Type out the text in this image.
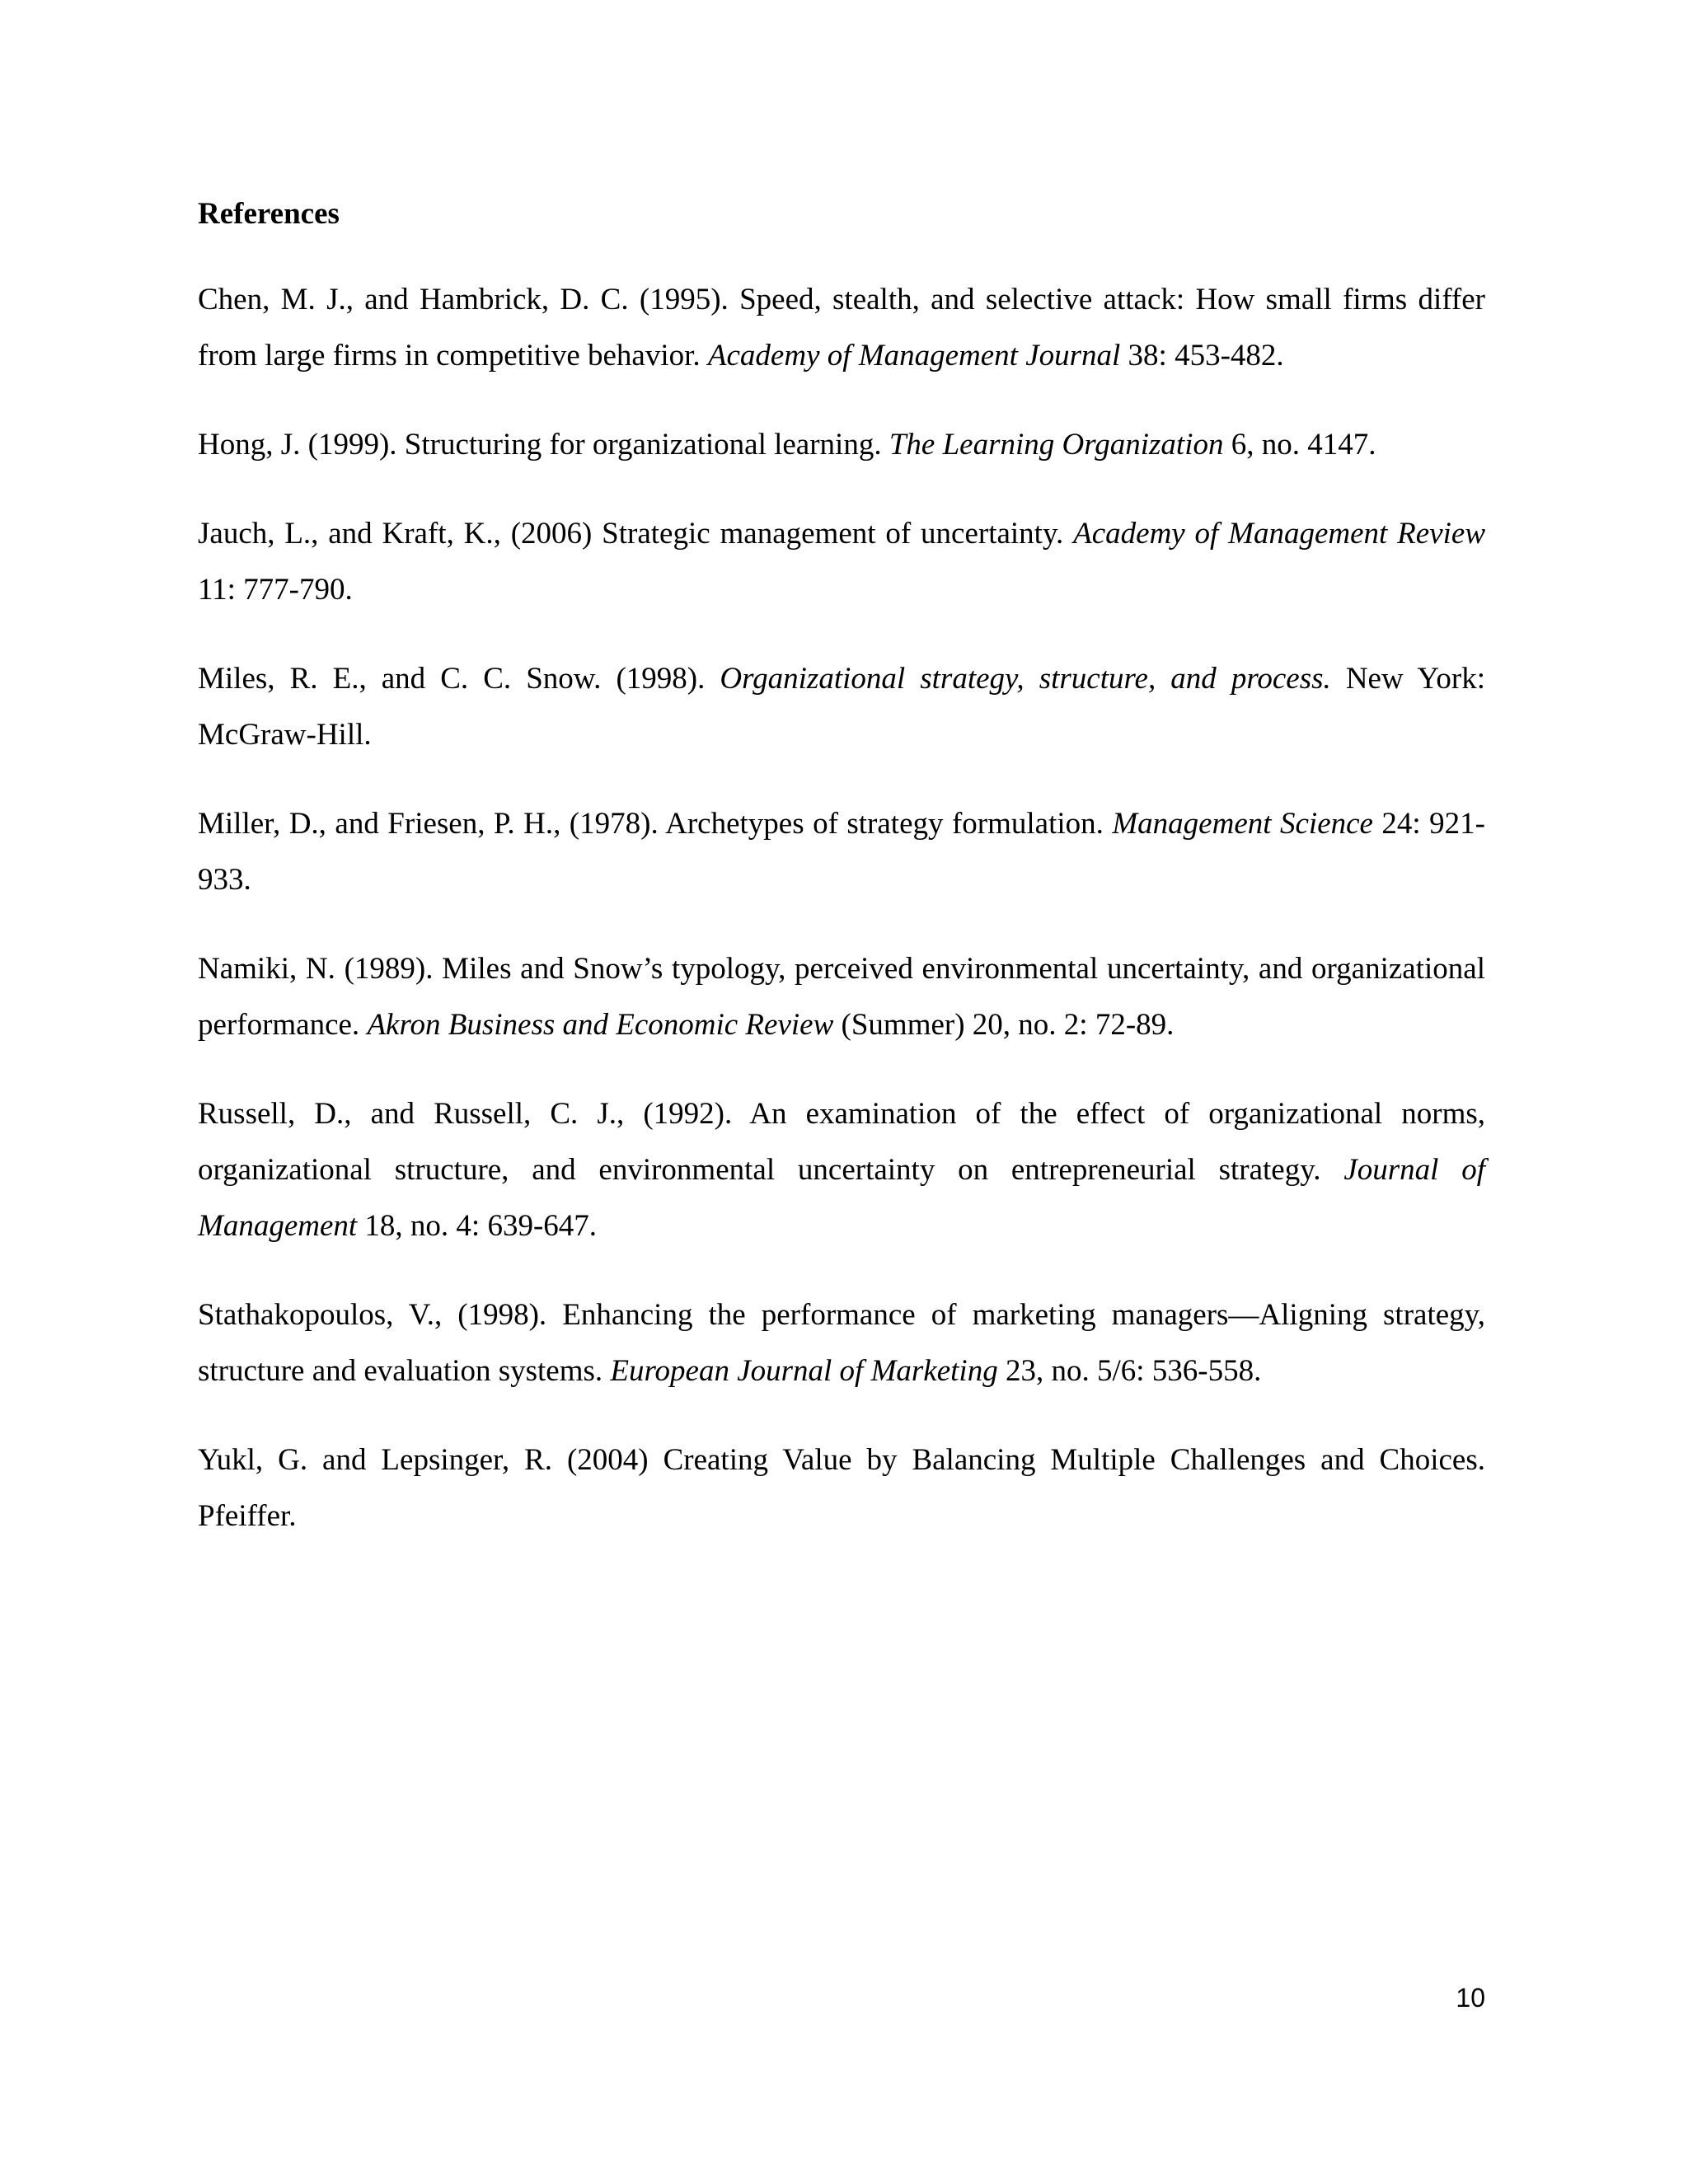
References

Chen, M. J., and Hambrick, D. C. (1995). Speed, stealth, and selective attack: How small firms differ from large firms in competitive behavior. Academy of Management Journal 38: 453-482.

Hong, J. (1999). Structuring for organizational learning. The Learning Organization 6, no. 4147.

Jauch, L., and Kraft, K., (2006) Strategic management of uncertainty. Academy of Management Review 11: 777-790.

Miles, R. E., and C. C. Snow. (1998). Organizational strategy, structure, and process. New York: McGraw-Hill.

Miller, D., and Friesen, P. H., (1978). Archetypes of strategy formulation. Management Science 24: 921-933.

Namiki, N. (1989). Miles and Snow’s typology, perceived environmental uncertainty, and organizational performance. Akron Business and Economic Review (Summer) 20, no. 2: 72-89.

Russell, D., and Russell, C. J., (1992). An examination of the effect of organizational norms, organizational structure, and environmental uncertainty on entrepreneurial strategy. Journal of Management 18, no. 4: 639-647.

Stathakopoulos, V., (1998). Enhancing the performance of marketing managers—Aligning strategy, structure and evaluation systems. European Journal of Marketing 23, no. 5/6: 536-558.

Yukl, G. and Lepsinger, R. (2004) Creating Value by Balancing Multiple Challenges and Choices. Pfeiffer.

10
